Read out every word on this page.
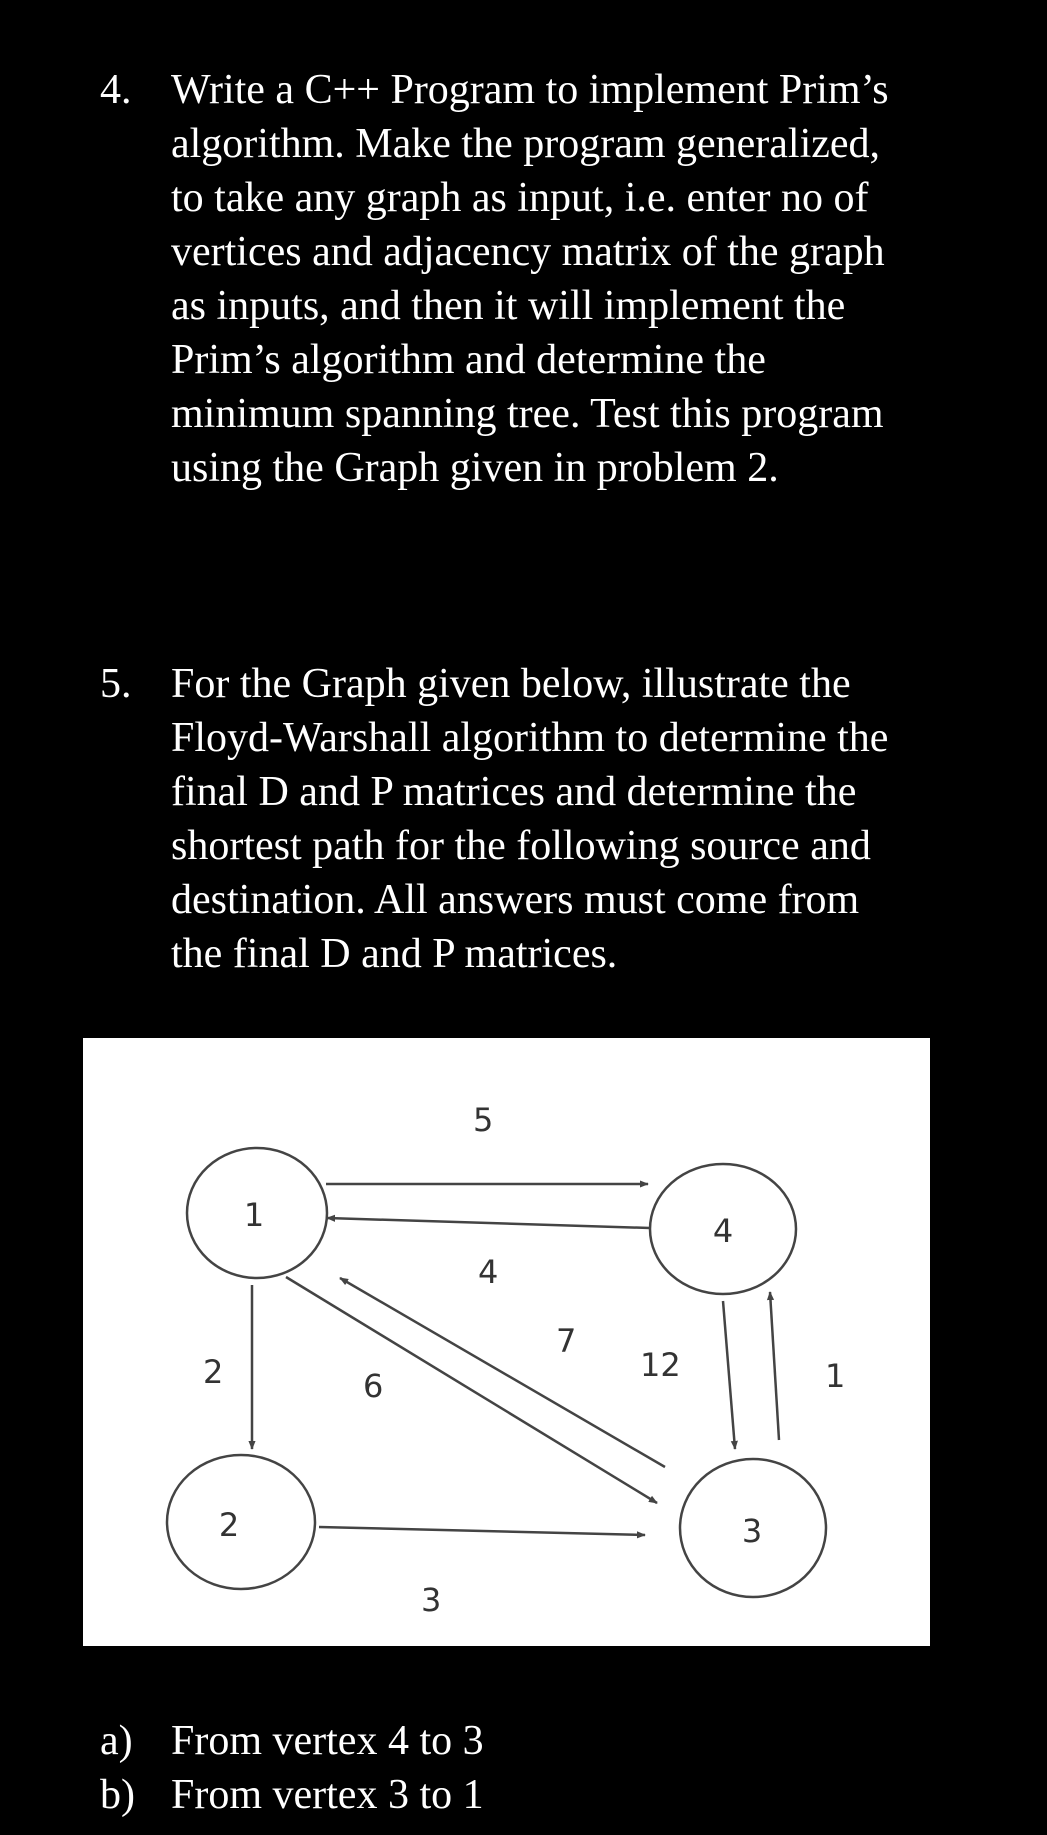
4. Write a C++ Program to implement Prim’s
algorithm. Make the program generalized,
to take any graph as input, i.e. enter no of
vertices and adjacency matrix of the graph
as inputs, and then it will implement the
Prim’s algorithm and determine the
minimum spanning tree. Test this program
using the Graph given in problem 2.
5. For the Graph given below, illustrate the
Floyd-Warshall algorithm to determine the
final D and P matrices and determine the
shortest path for the following source and
destination. All answers must come from
the final D and P matrices.
1
2	3
4
5
4
2	6
7
12	1
3
a) From vertex 4 to 3
b) From vertex 3 to 1
